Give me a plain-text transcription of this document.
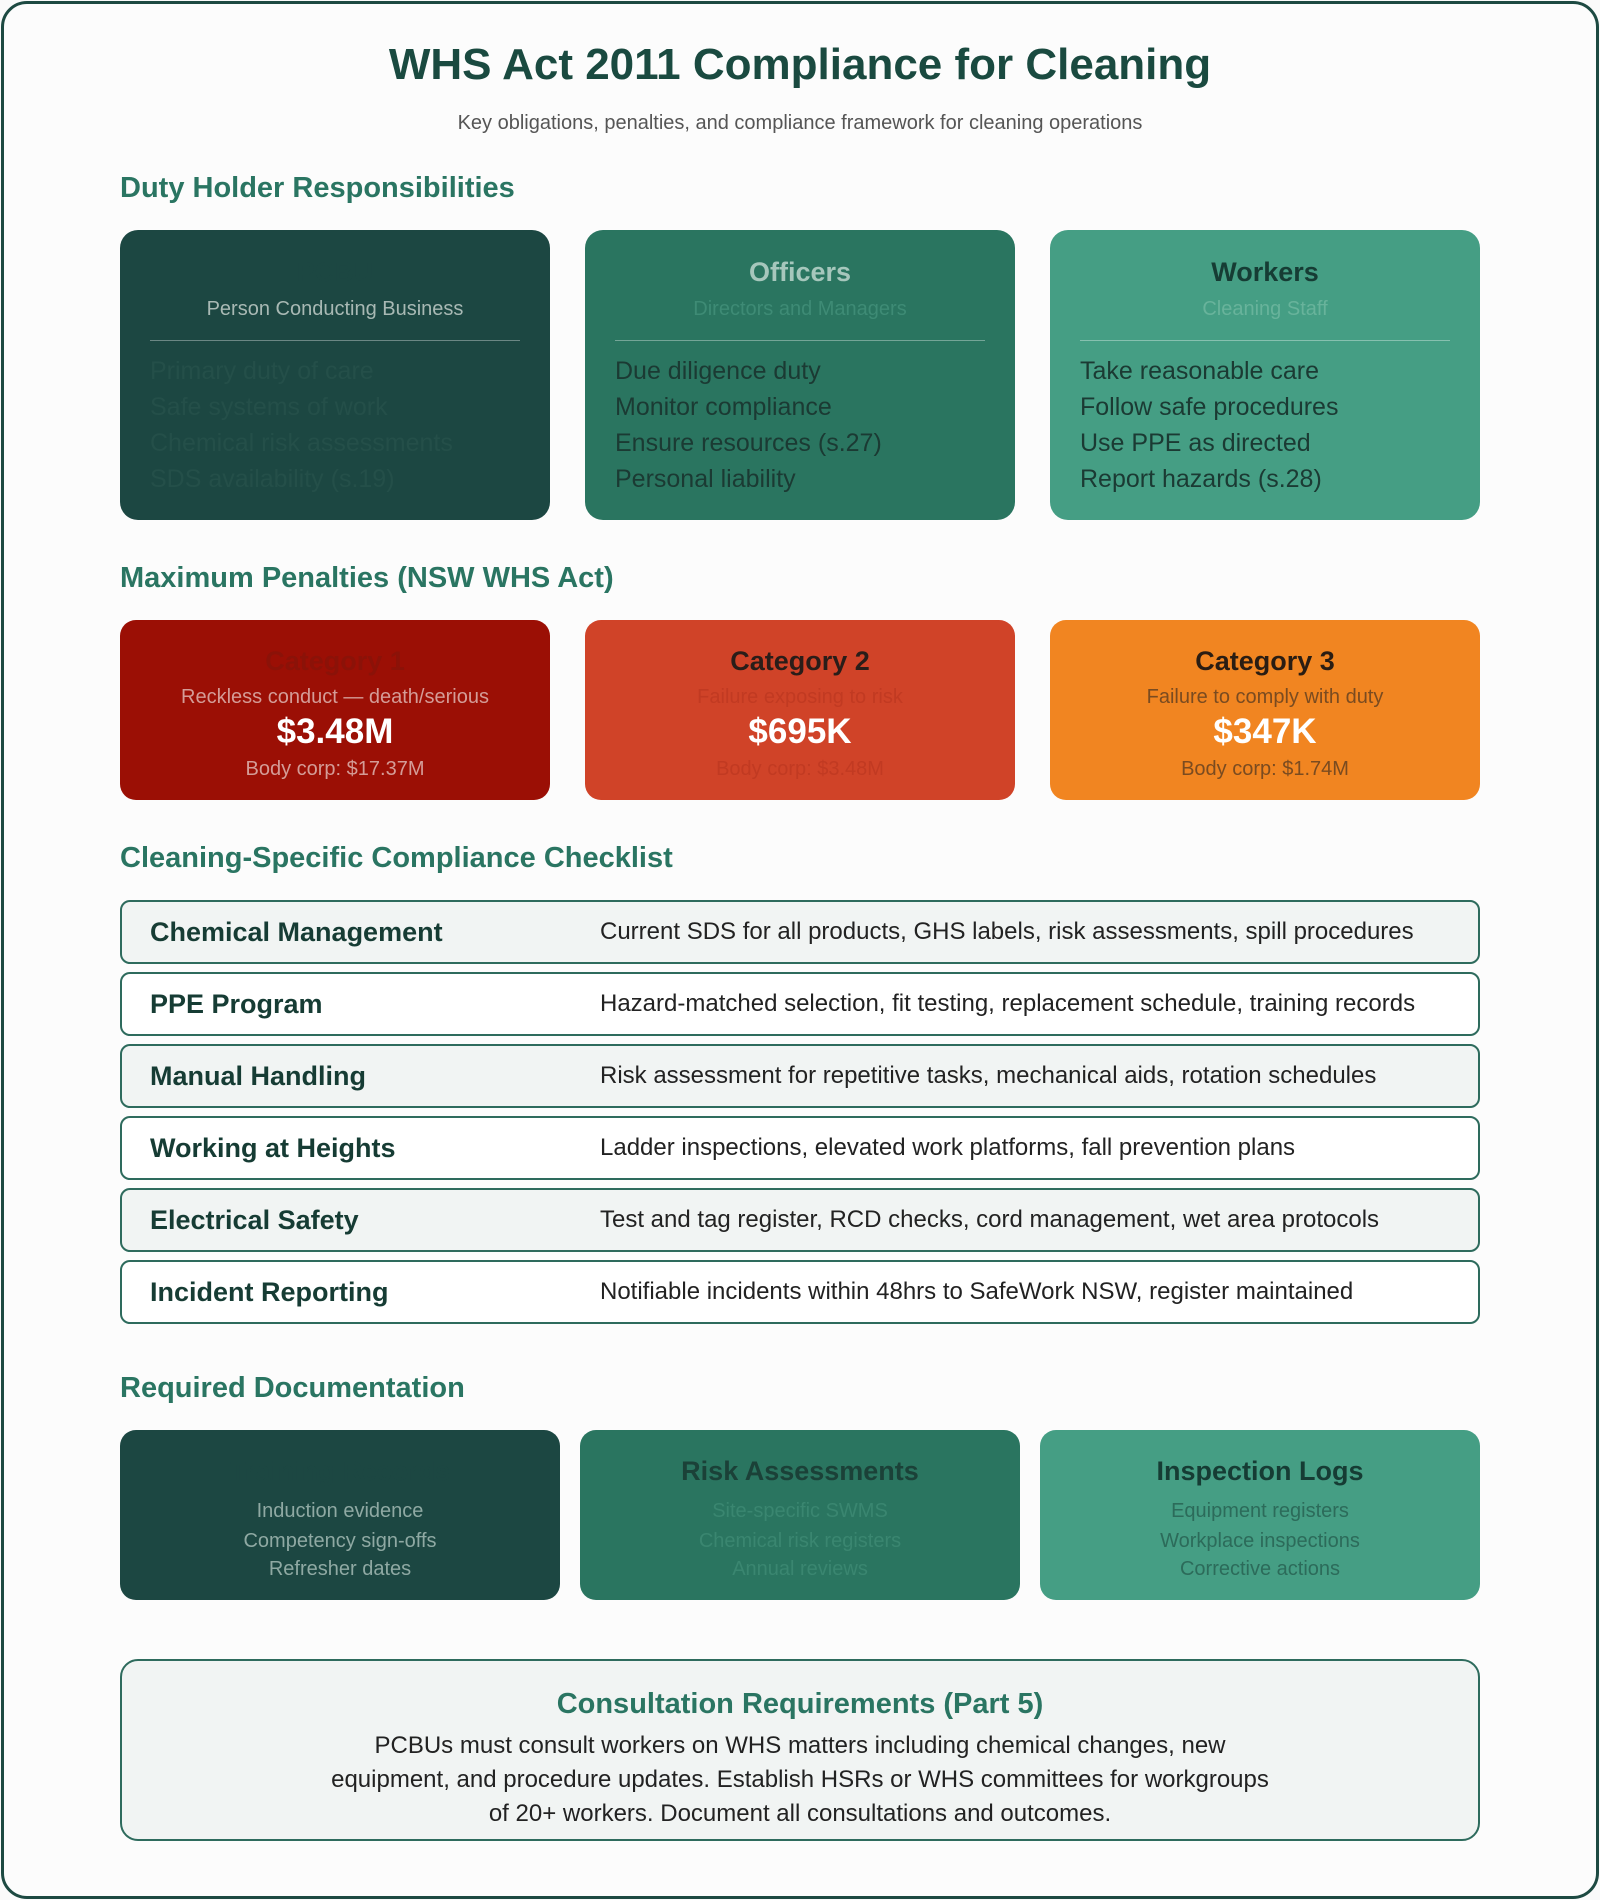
WHS Act 2011 Compliance for Cleaning
Key obligations, penalties, and compliance framework for cleaning operations
Duty Holder Responsibilities
PCBU
Person Conducting Business
Primary duty of care
Safe systems of work
Chemical risk assessments
SDS availability (s.19)
Officers
Directors and Managers
Due diligence duty
Monitor compliance
Ensure resources (s.27)
Personal liability
Workers
Cleaning Staff
Take reasonable care
Follow safe procedures
Use PPE as directed
Report hazards (s.28)
Maximum Penalties (NSW WHS Act)
Category 1
Reckless conduct — death/serious
$3.48M
Body corp: $17.37M
Category 2
Failure exposing to risk
$695K
Body corp: $3.48M
Category 3
Failure to comply with duty
$347K
Body corp: $1.74M
Cleaning-Specific Compliance Checklist
Chemical Management	Current SDS for all products, GHS labels, risk assessments, spill procedures
PPE Program	Hazard-matched selection, fit testing, replacement schedule, training records
Manual Handling	Risk assessment for repetitive tasks, mechanical aids, rotation schedules
Working at Heights	Ladder inspections, elevated work platforms, fall prevention plans
Electrical Safety	Test and tag register, RCD checks, cord management, wet area protocols
Incident Reporting	Notifiable incidents within 48hrs to SafeWork NSW, register maintained
Required Documentation
Training Records
Induction evidence
Competency sign-offs
Refresher dates
Risk Assessments
Site-specific SWMS
Chemical risk registers
Annual reviews
Inspection Logs
Equipment registers
Workplace inspections
Corrective actions
Consultation Requirements (Part 5)
PCBUs must consult workers on WHS matters including chemical changes, new equipment, and procedure updates. Establish HSRs or WHS committees for workgroups of 20+ workers. Document all consultations and outcomes.
